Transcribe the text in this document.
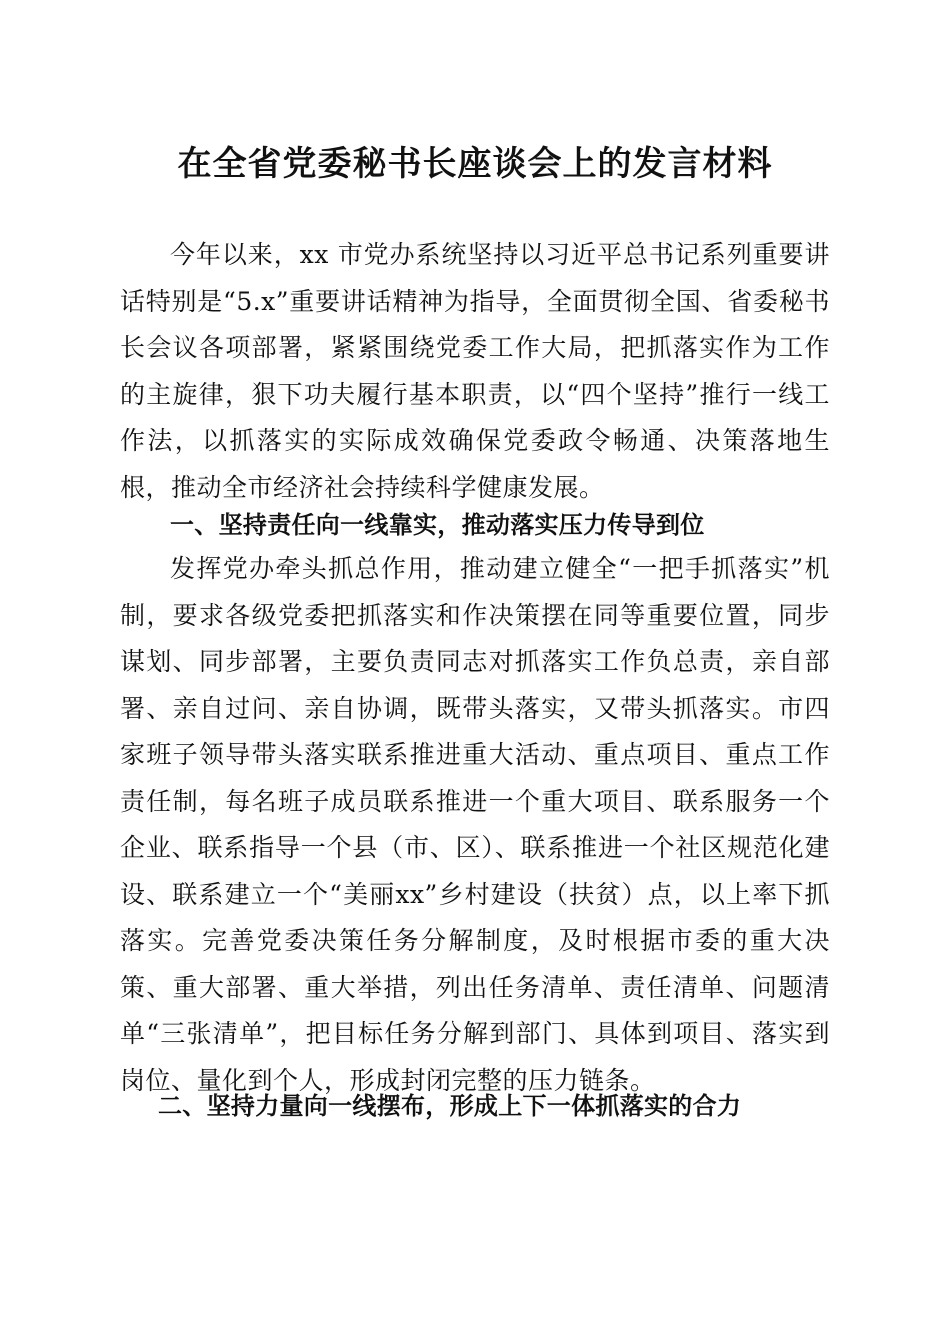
在全省党委秘书长座谈会上的发言材料

今年以来，xx 市党办系统坚持以习近平总书记系列重要讲话特别是“5.x”重要讲话精神为指导，全面贯彻全国、省委秘书长会议各项部署，紧紧围绕党委工作大局，把抓落实作为工作的主旋律，狠下功夫履行基本职责，以“四个坚持”推行一线工作法，以抓落实的实际成效确保党委政令畅通、决策落地生根，推动全市经济社会持续科学健康发展。

一、坚持责任向一线靠实，推动落实压力传导到位

发挥党办牵头抓总作用，推动建立健全“一把手抓落实”机制，要求各级党委把抓落实和作决策摆在同等重要位置，同步谋划、同步部署，主要负责同志对抓落实工作负总责，亲自部署、亲自过问、亲自协调，既带头落实，又带头抓落实。市四家班子领导带头落实联系推进重大活动、重点项目、重点工作责任制，每名班子成员联系推进一个重大项目、联系服务一个企业、联系指导一个县（市、区）、联系推进一个社区规范化建设、联系建立一个“美丽xx”乡村建设（扶贫）点，以上率下抓落实。完善党委决策任务分解制度，及时根据市委的重大决策、重大部署、重大举措，列出任务清单、责任清单、问题清单“三张清单”，把目标任务分解到部门、具体到项目、落实到岗位、量化到个人，形成封闭完整的压力链条。

二、坚持力量向一线摆布，形成上下一体抓落实的合力
